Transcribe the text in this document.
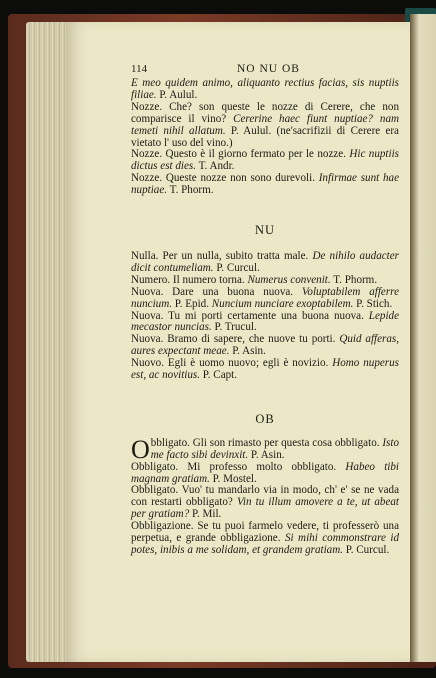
114	NO NU OB
E meo quidem animo, aliquanto rectius facias, sis nuptiis filiae. P. Aulul.
Nozze. Che? son queste le nozze di Cerere, che non comparisce il vino? Cererine haec fiunt nuptiae? nam temeti nihil allatum. P. Aulul. (ne'sacrifizii di Cerere era vietato l' uso del vino.)
Nozze. Questo è il giorno fermato per le nozze. Hic nuptiis dictus est dies. T. Andr.
Nozze. Queste nozze non sono durevoli. Infirmae sunt hae nuptiae. T. Phorm.
NU
Nulla. Per un nulla, subito tratta male. De nihilo audacter dicit contumeliam. P. Curcul.
Numero. Il numero torna. Numerus convenit. T. Phorm.
Nuova. Dare una buona nuova. Voluptabilem afferre nuncium. P. Epid. Nuncium nunciare exoptabilem. P. Stich.
Nuova. Tu mi porti certamente una buona nuova. Lepide mecastor nuncias. P. Trucul.
Nuova. Bramo di sapere, che nuove tu porti. Quid afferas, aures expectant meae. P. Asin.
Nuovo. Egli è uomo nuovo; egli è novizio. Homo nuperus est, ac novitius. P. Capt.
OB
Obbligato. Gli son rimasto per questa cosa obbligato. Isto me facto sibi devinxit. P. Asin.
Obbligato. Mi professo molto obbligato. Habeo tibi magnam gratiam. P. Mostel.
Obbligato. Vuo' tu mandarlo via in modo, ch' e' se ne vada con restarti obbligato? Vin tu illum amovere a te, ut abeat per gratiam? P. Mil.
Obbligazione. Se tu puoi farmelo vedere, ti professerò una perpetua, e grande obbligazione. Si mihi commonstrare id potes, inibis a me solidam, et grandem gratiam. P. Curcul.
